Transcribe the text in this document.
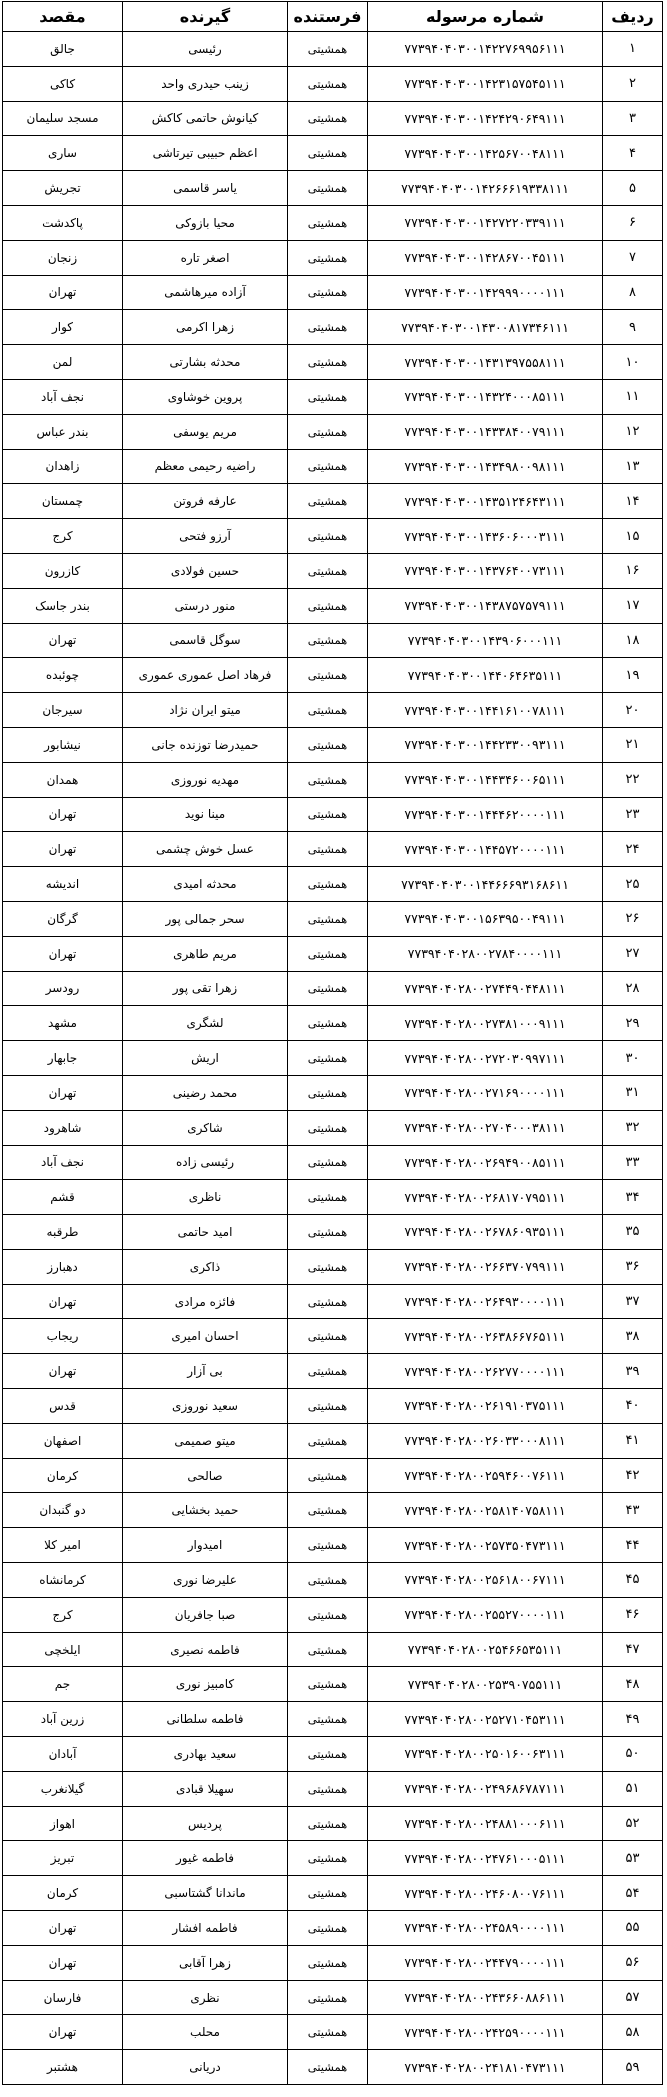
ردیف	شماره مرسوله	فرستنده	گیرنده	مقصد
۱	۷۷۳۹۴۰۴۰۳۰۰۱۴۲۲۷۶۹۹۵۶۱۱۱	همشیتی	رئیسی	جالق
۲	۷۷۳۹۴۰۴۰۳۰۰۱۴۲۳۱۵۷۵۴۵۱۱۱	همشیتی	زینب حیدری واحد	کاکی
۳	۷۷۳۹۴۰۴۰۳۰۰۱۴۲۴۲۹۰۶۴۹۱۱۱	همشیتی	کیانوش حاتمی کاکش	مسجد سلیمان
۴	۷۷۳۹۴۰۴۰۳۰۰۱۴۲۵۶۷۰۰۴۸۱۱۱	همشیتی	اعظم حبیبی تیرتاشی	ساری
۵	۷۷۳۹۴۰۴۰۳۰۰۱۴۲۶۶۶۱۹۳۳۸۱۱۱	همشیتی	یاسر قاسمی	تجریش
۶	۷۷۳۹۴۰۴۰۳۰۰۱۴۲۷۲۲۰۳۳۹۱۱۱	همشیتی	محیا بازوکی	پاکدشت
۷	۷۷۳۹۴۰۴۰۳۰۰۱۴۲۸۶۷۰۰۴۵۱۱۱	همشیتی	اصغر تاره	زنجان
۸	۷۷۳۹۴۰۴۰۳۰۰۱۴۲۹۹۹۰۰۰۰۱۱۱	همشیتی	آزاده میرهاشمی	تهران
۹	۷۷۳۹۴۰۴۰۳۰۰۱۴۳۰۰۸۱۷۳۴۶۱۱۱	همشیتی	زهرا اکرمی	کوار
۱۰	۷۷۳۹۴۰۴۰۳۰۰۱۴۳۱۳۹۷۵۵۸۱۱۱	همشیتی	محدثه بشارتی	لمن
۱۱	۷۷۳۹۴۰۴۰۳۰۰۱۴۳۲۴۰۰۰۸۵۱۱۱	همشیتی	پروین خوشاوی	نجف آباد
۱۲	۷۷۳۹۴۰۴۰۳۰۰۱۴۳۳۸۴۰۰۷۹۱۱۱	همشیتی	مریم یوسفی	بندر عباس
۱۳	۷۷۳۹۴۰۴۰۳۰۰۱۴۳۴۹۸۰۰۹۸۱۱۱	همشیتی	راضیه رحیمی معظم	زاهدان
۱۴	۷۷۳۹۴۰۴۰۳۰۰۱۴۳۵۱۲۴۶۴۳۱۱۱	همشیتی	عارفه فروتن	چمستان
۱۵	۷۷۳۹۴۰۴۰۳۰۰۱۴۳۶۰۶۰۰۰۳۱۱۱	همشیتی	آرزو فتحی	کرج
۱۶	۷۷۳۹۴۰۴۰۳۰۰۱۴۳۷۶۴۰۰۷۳۱۱۱	همشیتی	حسین فولادی	کازرون
۱۷	۷۷۳۹۴۰۴۰۳۰۰۱۴۳۸۷۵۷۵۷۹۱۱۱	همشیتی	منور درستی	بندر جاسک
۱۸	۷۷۳۹۴۰۴۰۳۰۰۱۴۳۹۰۶۰۰۰۱۱۱	همشیتی	سوگل قاسمی	تهران
۱۹	۷۷۳۹۴۰۴۰۳۰۰۱۴۴۰۶۴۶۳۵۱۱۱	همشیتی	فرهاد اصل عموری عموری	چوئبده
۲۰	۷۷۳۹۴۰۴۰۳۰۰۱۴۴۱۶۱۰۰۷۸۱۱۱	همشیتی	میتو ایران نژاد	سیرجان
۲۱	۷۷۳۹۴۰۴۰۳۰۰۱۴۴۲۳۳۰۰۹۳۱۱۱	همشیتی	حمیدرضا توزنده جانی	نیشابور
۲۲	۷۷۳۹۴۰۴۰۳۰۰۱۴۴۳۴۶۰۰۶۵۱۱۱	همشیتی	مهدیه نوروزی	همدان
۲۳	۷۷۳۹۴۰۴۰۳۰۰۱۴۴۴۶۲۰۰۰۰۱۱۱	همشیتی	مینا نوید	تهران
۲۴	۷۷۳۹۴۰۴۰۳۰۰۱۴۴۵۷۲۰۰۰۰۱۱۱	همشیتی	عسل خوش چشمی	تهران
۲۵	۷۷۳۹۴۰۴۰۳۰۰۱۴۴۶۶۶۹۳۱۶۸۶۱۱	همشیتی	محدثه امیدی	اندیشه
۲۶	۷۷۳۹۴۰۴۰۳۰۰۱۵۶۳۹۵۰۰۴۹۱۱۱	همشیتی	سحر جمالی پور	گرگان
۲۷	۷۷۳۹۴۰۴۰۲۸۰۰۲۷۸۴۰۰۰۰۱۱۱	همشیتی	مریم طاهری	تهران
۲۸	۷۷۳۹۴۰۴۰۲۸۰۰۲۷۴۴۹۰۴۴۸۱۱۱	همشیتی	زهرا تقی پور	رودسر
۲۹	۷۷۳۹۴۰۴۰۲۸۰۰۲۷۳۸۱۰۰۰۹۱۱۱	همشیتی	لشگری	مشهد
۳۰	۷۷۳۹۴۰۴۰۲۸۰۰۲۷۲۰۳۰۹۹۷۱۱۱	همشیتی	اریش	جابهار
۳۱	۷۷۳۹۴۰۴۰۲۸۰۰۲۷۱۶۹۰۰۰۰۱۱۱	همشیتی	محمد رضینی	تهران
۳۲	۷۷۳۹۴۰۴۰۲۸۰۰۲۷۰۴۰۰۰۳۸۱۱۱	همشیتی	شاکری	شاهرود
۳۳	۷۷۳۹۴۰۴۰۲۸۰۰۲۶۹۴۹۰۰۸۵۱۱۱	همشیتی	رئیسی زاده	نجف آباد
۳۴	۷۷۳۹۴۰۴۰۲۸۰۰۲۶۸۱۷۰۷۹۵۱۱۱	همشیتی	ناظری	قشم
۳۵	۷۷۳۹۴۰۴۰۲۸۰۰۲۶۷۸۶۰۹۳۵۱۱۱	همشیتی	امید حاتمی	طرقبه
۳۶	۷۷۳۹۴۰۴۰۲۸۰۰۲۶۶۳۷۰۷۹۹۱۱۱	همشیتی	ذاکری	دهبارز
۳۷	۷۷۳۹۴۰۴۰۲۸۰۰۲۶۴۹۳۰۰۰۰۱۱۱	همشیتی	فائزه مرادی	تهران
۳۸	۷۷۳۹۴۰۴۰۲۸۰۰۲۶۳۸۶۶۷۶۵۱۱۱	همشیتی	احسان امیری	ریجاب
۳۹	۷۷۳۹۴۰۴۰۲۸۰۰۲۶۲۷۷۰۰۰۰۱۱۱	همشیتی	بی آزار	تهران
۴۰	۷۷۳۹۴۰۴۰۲۸۰۰۲۶۱۹۱۰۳۷۵۱۱۱	همشیتی	سعید نوروزی	قدس
۴۱	۷۷۳۹۴۰۴۰۲۸۰۰۲۶۰۳۳۰۰۰۸۱۱۱	همشیتی	میتو صمیمی	اصفهان
۴۲	۷۷۳۹۴۰۴۰۲۸۰۰۲۵۹۴۶۰۰۷۶۱۱۱	همشیتی	صالحی	کرمان
۴۳	۷۷۳۹۴۰۴۰۲۸۰۰۲۵۸۱۴۰۷۵۸۱۱۱	همشیتی	حمید بخشایی	دو گنبدان
۴۴	۷۷۳۹۴۰۴۰۲۸۰۰۲۵۷۳۵۰۴۷۳۱۱۱	همشیتی	امیدوار	امیر کلا
۴۵	۷۷۳۹۴۰۴۰۲۸۰۰۲۵۶۱۸۰۰۶۷۱۱۱	همشیتی	علیرضا نوری	کرمانشاه
۴۶	۷۷۳۹۴۰۴۰۲۸۰۰۲۵۵۲۷۰۰۰۰۱۱۱	همشیتی	صبا جافریان	کرج
۴۷	۷۷۳۹۴۰۴۰۲۸۰۰۲۵۴۶۶۵۳۵۱۱۱	همشیتی	فاطمه نصیری	ایلخچی
۴۸	۷۷۳۹۴۰۴۰۲۸۰۰۲۵۳۹۰۷۵۵۱۱۱	همشیتی	کامبیز نوری	جم
۴۹	۷۷۳۹۴۰۴۰۲۸۰۰۲۵۲۷۱۰۴۵۳۱۱۱	همشیتی	فاطمه سلطانی	زرین آباد
۵۰	۷۷۳۹۴۰۴۰۲۸۰۰۲۵۰۱۶۰۰۶۳۱۱۱	همشیتی	سعید بهادری	آبادان
۵۱	۷۷۳۹۴۰۴۰۲۸۰۰۲۴۹۶۸۶۷۸۷۱۱۱	همشیتی	سهیلا قبادی	گیلانغرب
۵۲	۷۷۳۹۴۰۴۰۲۸۰۰۲۴۸۸۱۰۰۰۶۱۱۱	همشیتی	پردیس	اهواز
۵۳	۷۷۳۹۴۰۴۰۲۸۰۰۲۴۷۶۱۰۰۰۵۱۱۱	همشیتی	فاطمه غیور	تبریز
۵۴	۷۷۳۹۴۰۴۰۲۸۰۰۲۴۶۰۸۰۰۷۶۱۱۱	همشیتی	ماندانا گشتاسبی	کرمان
۵۵	۷۷۳۹۴۰۴۰۲۸۰۰۲۴۵۸۹۰۰۰۰۱۱۱	همشیتی	فاطمه افشار	تهران
۵۶	۷۷۳۹۴۰۴۰۲۸۰۰۲۴۴۷۹۰۰۰۰۱۱۱	همشیتی	زهرا آقابی	تهران
۵۷	۷۷۳۹۴۰۴۰۲۸۰۰۲۴۳۶۶۰۸۸۶۱۱۱	همشیتی	نظری	فارسان
۵۸	۷۷۳۹۴۰۴۰۲۸۰۰۲۴۲۵۹۰۰۰۰۱۱۱	همشیتی	محلب	تهران
۵۹	۷۷۳۹۴۰۴۰۲۸۰۰۲۴۱۸۱۰۴۷۳۱۱۱	همشیتی	دریانی	هشتبر
